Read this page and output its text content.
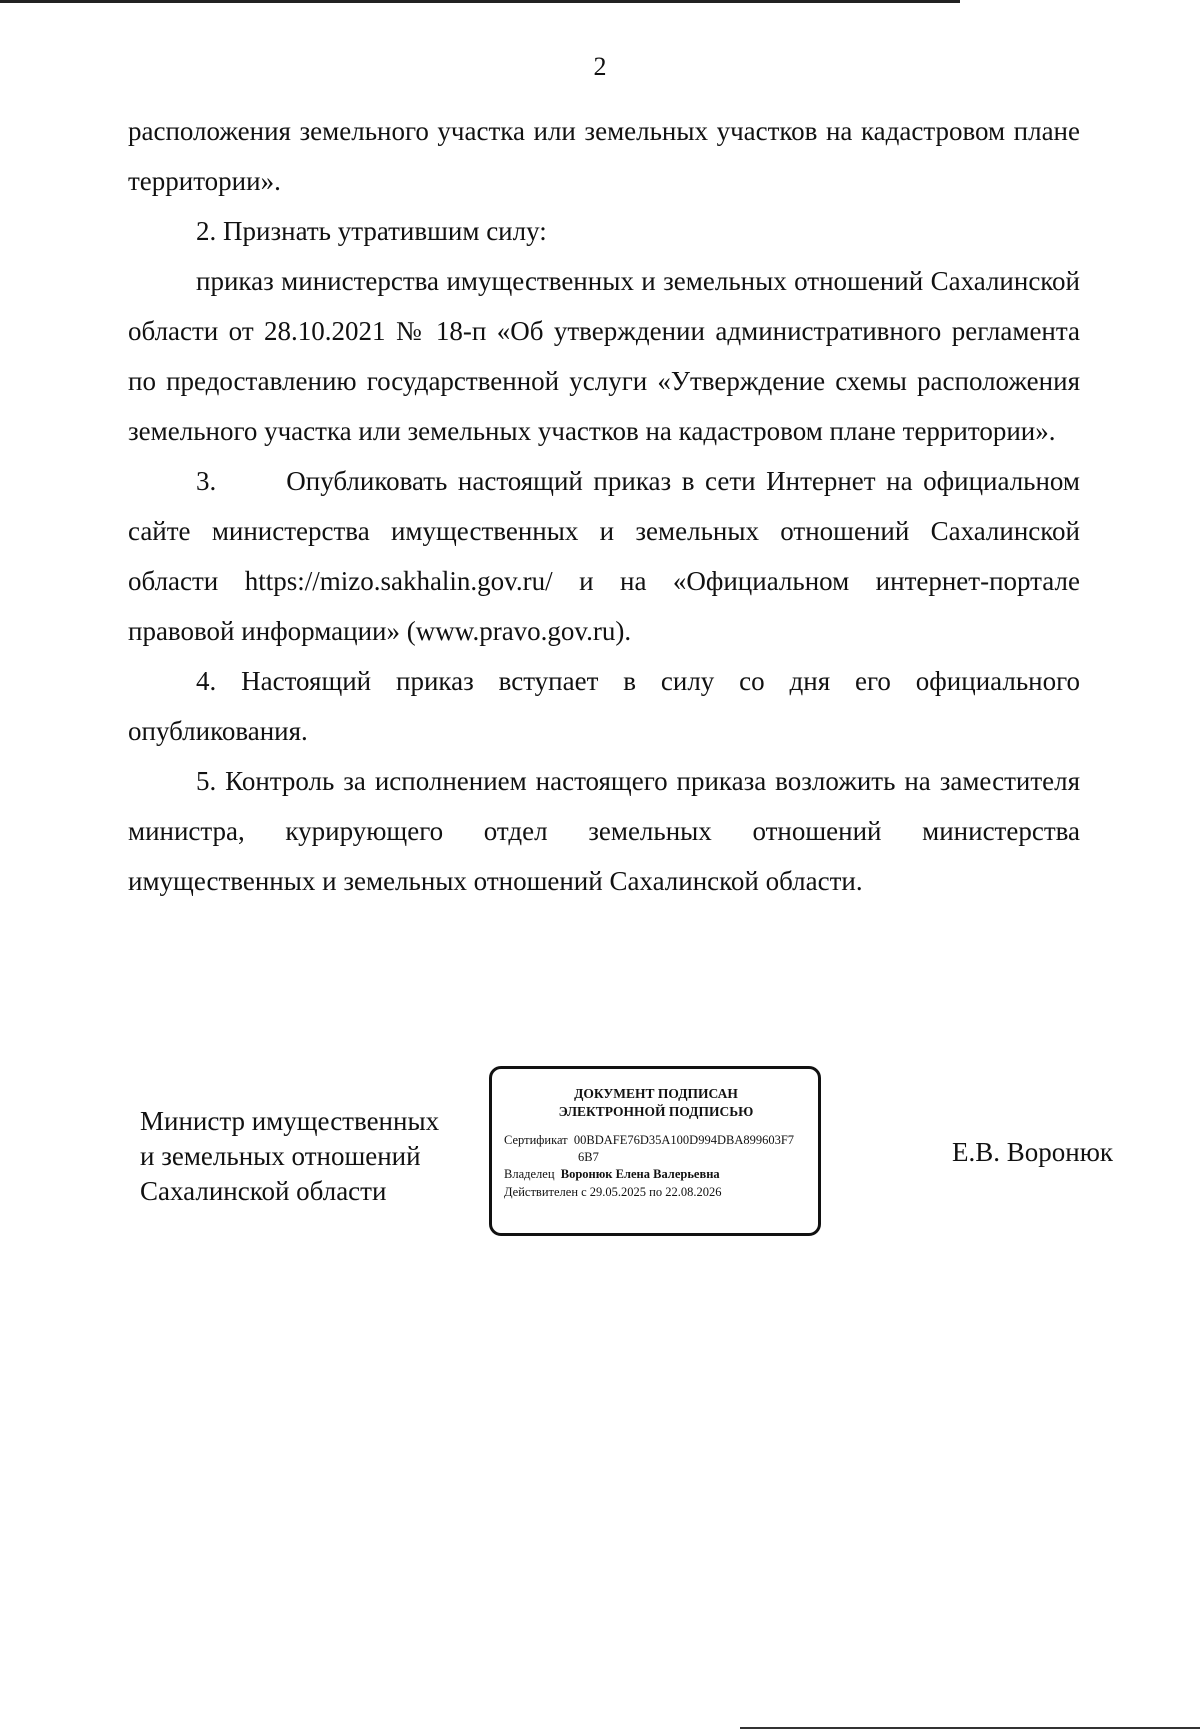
2

расположения земельного участка или земельных участков на кадастровом плане территории».

2. Признать утратившим силу:

приказ министерства имущественных и земельных отношений Сахалинской области от 28.10.2021 № 18-п «Об утверждении административного регламента по предоставлению государственной услуги «Утверждение схемы расположения земельного участка или земельных участков на кадастровом плане территории».

3.	Опубликовать настоящий приказ в сети Интернет на официальном сайте министерства имущественных и земельных отношений Сахалинской области https://mizo.sakhalin.gov.ru/ и на «Официальном интернет-портале правовой информации» (www.pravo.gov.ru).

4. Настоящий приказ вступает в силу со дня его официального опубликования.

5. Контроль за исполнением настоящего приказа возложить на заместителя министра, курирующего отдел земельных отношений министерства имущественных и земельных отношений Сахалинской области.

Министр имущественных
и земельных отношений
Сахалинской области
ДОКУМЕНТ ПОДПИСАН
ЭЛЕКТРОННОЙ ПОДПИСЬЮ
Сертификат 00BDAFE76D35A100D994DBA899603F7
6B7
Владелец Воронюк Елена Валерьевна
Действителен с 29.05.2025 по 22.08.2026
Е.В. Воронюк
